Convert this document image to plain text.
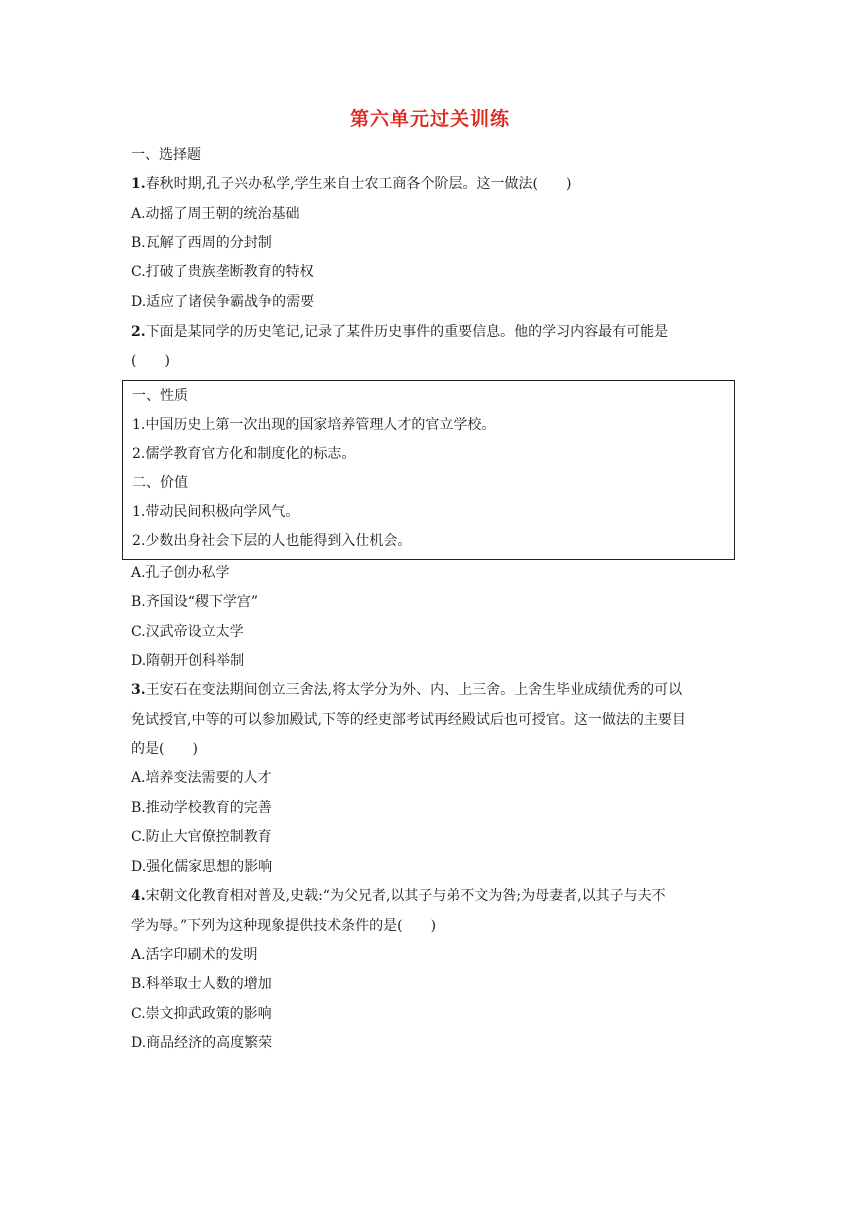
第六单元过关训练
一、选择题
1.春秋时期,孔子兴办私学,学生来自士农工商各个阶层。这一做法(　　)
A.动摇了周王朝的统治基础
B.瓦解了西周的分封制
C.打破了贵族垄断教育的特权
D.适应了诸侯争霸战争的需要
2.下面是某同学的历史笔记,记录了某件历史事件的重要信息。他的学习内容最有可能是
(　　)
一、性质
1.中国历史上第一次出现的国家培养管理人才的官立学校。
2.儒学教育官方化和制度化的标志。
二、价值
1.带动民间积极向学风气。
2.少数出身社会下层的人也能得到入仕机会。
A.孔子创办私学
B.齐国设“稷下学宫”
C.汉武帝设立太学
D.隋朝开创科举制
3.王安石在变法期间创立三舍法,将太学分为外、内、上三舍。上舍生毕业成绩优秀的可以
免试授官,中等的可以参加殿试,下等的经吏部考试再经殿试后也可授官。这一做法的主要目
的是(　　)
A.培养变法需要的人才
B.推动学校教育的完善
C.防止大官僚控制教育
D.强化儒家思想的影响
4.宋朝文化教育相对普及,史载:“为父兄者,以其子与弟不文为咎;为母妻者,以其子与夫不
学为辱。”下列为这种现象提供技术条件的是(　　)
A.活字印刷术的发明
B.科举取士人数的增加
C.崇文抑武政策的影响
D.商品经济的高度繁荣
